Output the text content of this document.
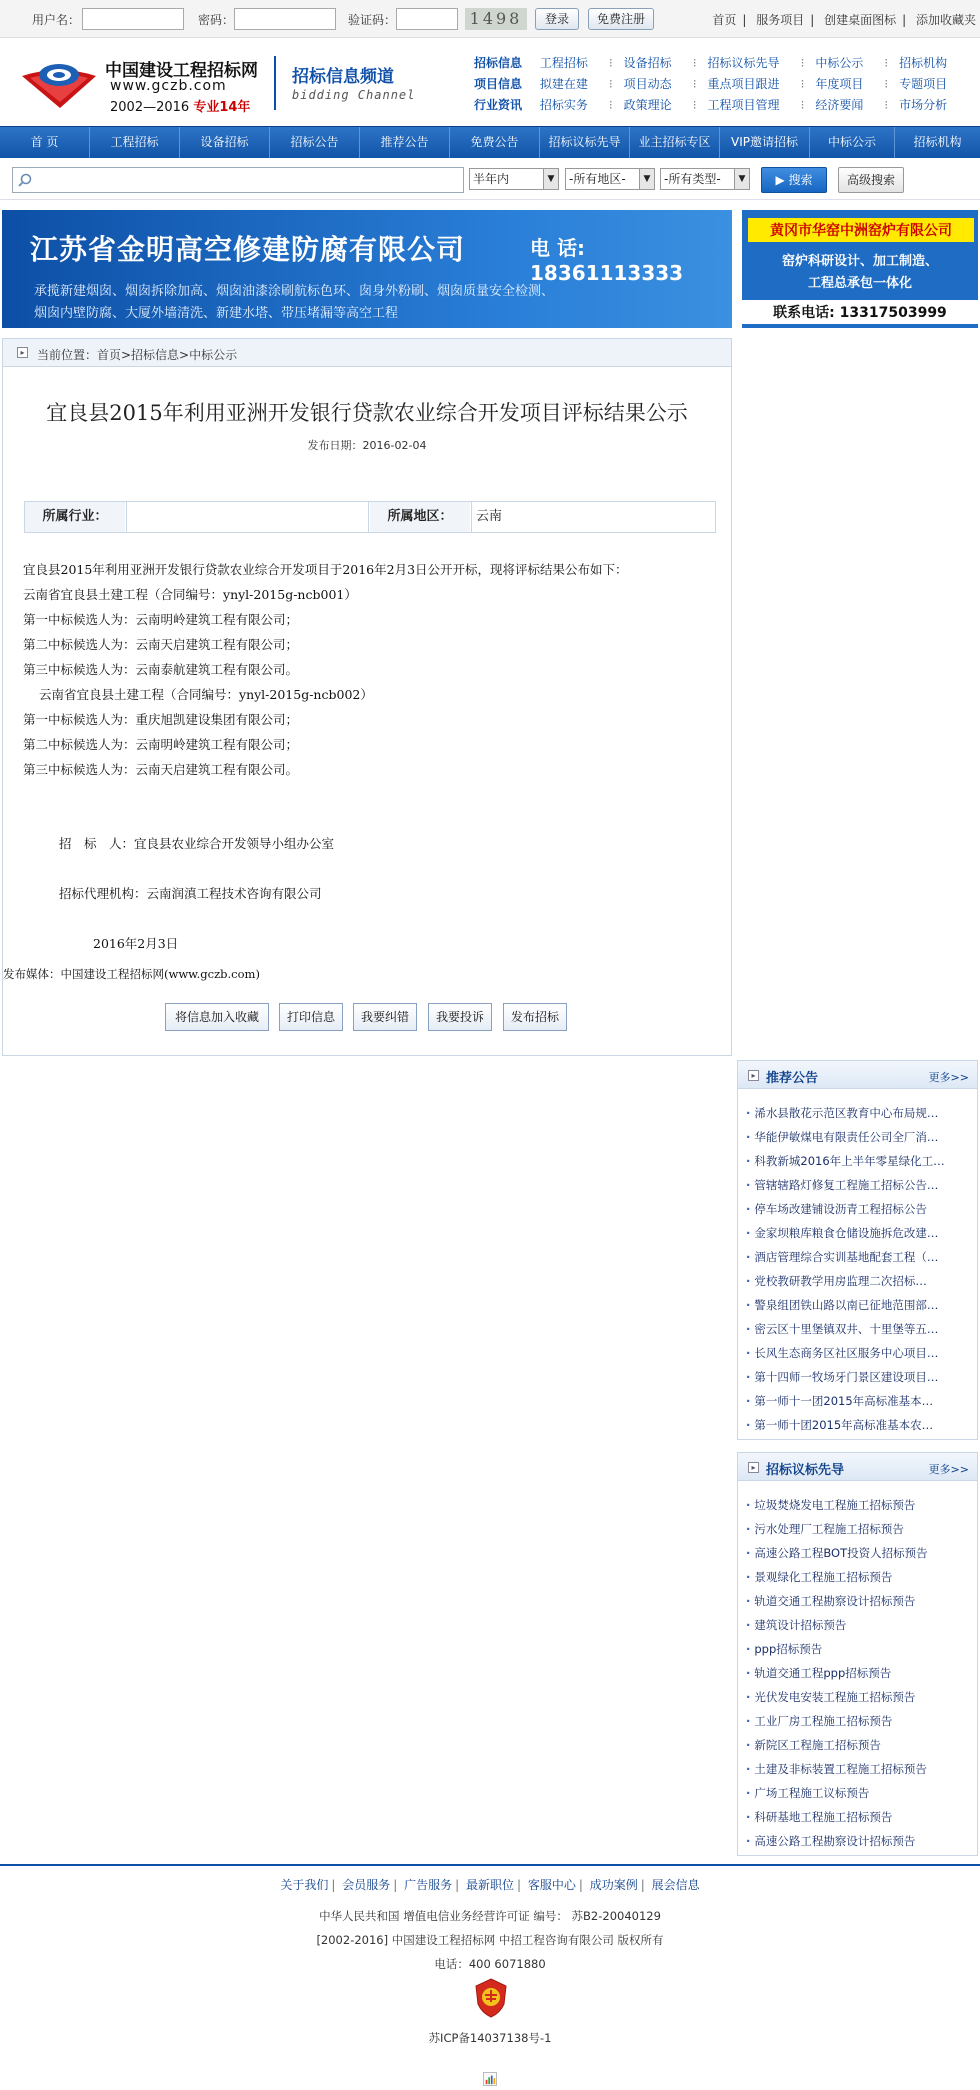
用户名：	密码：	验证码：	1498	登录	免费注册	首页 | 服务项目 | 创建桌面图标 | 添加收藏夹
中国建设工程招标网
www.gczb.com
2002—2016 专业14年
招标信息频道
bidding Channel
招标信息 工程招标 ⁝ 设备招标 ⁝ 招标议标先导 ⁝ 中标公示 ⁝ 招标机构
项目信息 拟建在建 ⁝ 项目动态 ⁝ 重点项目跟进 ⁝ 年度项目 ⁝ 专题项目
行业资讯 招标实务 ⁝ 政策理论 ⁝ 工程项目管理 ⁝ 经济要闻 ⁝ 市场分析
首 页	工程招标	设备招标	招标公告	推荐公告	免费公告	招标议标先导	业主招标专区	VIP邀请招标	中标公示	招标机构
半年内	▼	-所有地区-	▼	-所有类型-	▼	▶ 搜索	高级搜索
江苏省金明高空修建防腐有限公司	电 话: 18361113333
承揽新建烟囱、烟囱拆除加高、烟囱油漆涂刷航标色环、囱身外粉刷、烟囱质量安全检测、
烟囱内壁防腐、大厦外墙清洗、新建水塔、带压堵漏等高空工程
黄冈市华窑中洲窑炉有限公司
窑炉科研设计、加工制造、
工程总承包一体化
联系电话: 13317503999
▸ 当前位置：首页>招标信息>中标公示
宜良县2015年利用亚洲开发银行贷款农业综合开发项目评标结果公示
发布日期：2016-02-04
所属行业：	所属地区：	云南
宜良县2015年利用亚洲开发银行贷款农业综合开发项目于2016年2月3日公开开标，现将评标结果公布如下：
云南省宜良县土建工程（合同编号：ynyl-2015g-ncb001）
第一中标候选人为：云南明岭建筑工程有限公司；
第二中标候选人为：云南天启建筑工程有限公司；
第三中标候选人为：云南泰航建筑工程有限公司。
云南省宜良县土建工程（合同编号：ynyl-2015g-ncb002）
第一中标候选人为：重庆旭凯建设集团有限公司；
第二中标候选人为：云南明岭建筑工程有限公司；
第三中标候选人为：云南天启建筑工程有限公司。
招　标　人：宜良县农业综合开发领导小组办公室
招标代理机构：云南润滇工程技术咨询有限公司
2016年2月3日
发布媒体：中国建设工程招标网(www.gczb.com)
将信息加入收藏	打印信息	我要纠错	我要投诉	发布招标
▸ 推荐公告	更多>>
· 浠水县散花示范区教育中心布局规…
· 华能伊敏煤电有限责任公司全厂消…
· 科教新城2016年上半年零星绿化工…
· 管辖辖路灯修复工程施工招标公告…
· 停车场改建铺设沥青工程招标公告
· 金家坝粮库粮食仓储设施拆危改建…
· 酒店管理综合实训基地配套工程（…
· 党校教研教学用房监理二次招标…
· 警泉组团铁山路以南已征地范围部…
· 密云区十里堡镇双井、十里堡等五…
· 长风生态商务区社区服务中心项目…
· 第十四师一牧场牙门景区建设项目…
· 第一师十一团2015年高标准基本…
· 第一师十团2015年高标准基本农…
▸ 招标议标先导	更多>>
· 垃圾焚烧发电工程施工招标预告
· 污水处理厂工程施工招标预告
· 高速公路工程BOT投资人招标预告
· 景观绿化工程施工招标预告
· 轨道交通工程勘察设计招标预告
· 建筑设计招标预告
· ppp招标预告
· 轨道交通工程ppp招标预告
· 光伏发电安装工程施工招标预告
· 工业厂房工程施工招标预告
· 新院区工程施工招标预告
· 土建及非标装置工程施工招标预告
· 广场工程施工议标预告
· 科研基地工程施工招标预告
· 高速公路工程勘察设计招标预告
关于我们 | 会员服务 | 广告服务 | 最新职位 | 客服中心 | 成功案例 | 展会信息
中华人民共和国 增值电信业务经营许可证 编号： 苏B2-20040129
[2002-2016] 中国建设工程招标网 中招工程咨询有限公司 版权所有
电话：400 6071880
苏ICP备14037138号-1
